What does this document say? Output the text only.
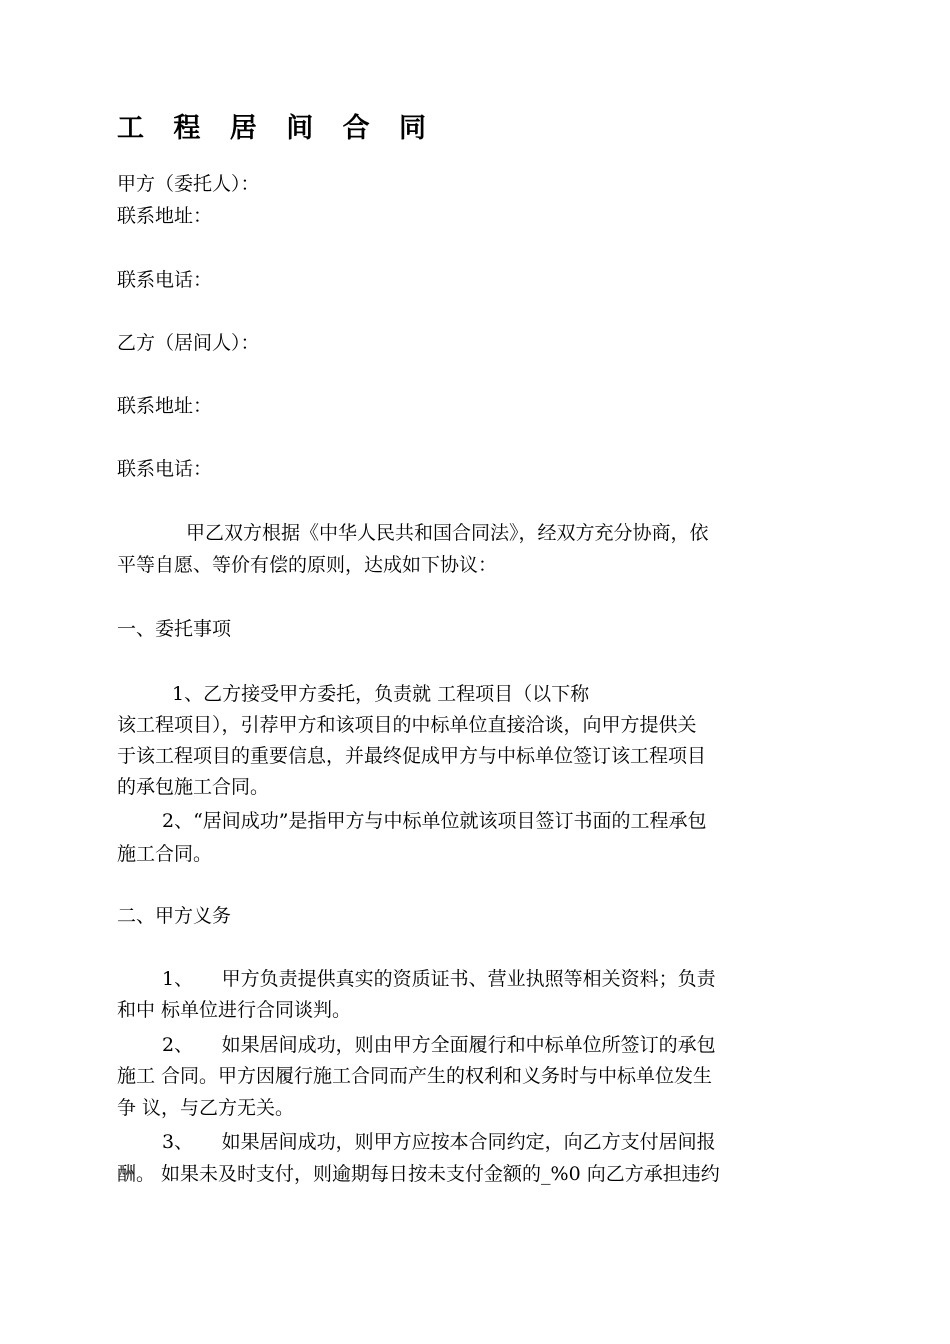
工 程 居 间 合 同
甲方（委托人）：
联系地址：
联系电话：
乙方（居间人）：
联系地址：
联系电话：
甲乙双方根据《中华人民共和国合同法》，经双方充分协商，依
平等自愿、等价有偿的原则，达成如下协议：
一、委托事项
1、乙方接受甲方委托，负责就 工程项目（以下称
该工程项目），引荐甲方和该项目的中标单位直接洽谈，向甲方提供关
于该工程项目的重要信息，并最终促成甲方与中标单位签订该工程项目
的承包施工合同。
2、“居间成功”是指甲方与中标单位就该项目签订书面的工程承包
施工合同。
二、甲方义务
1、　　甲方负责提供真实的资质证书、营业执照等相关资料；负责
和中 标单位进行合同谈判。
2、　　如果居间成功，则由甲方全面履行和中标单位所签订的承包
施工 合同。甲方因履行施工合同而产生的权利和义务时与中标单位发生
争 议，与乙方无关。
3、　　如果居间成功，则甲方应按本合同约定，向乙方支付居间报
酬。 如果未及时支付，则逾期每日按未支付金额的_%0 向乙方承担违约
